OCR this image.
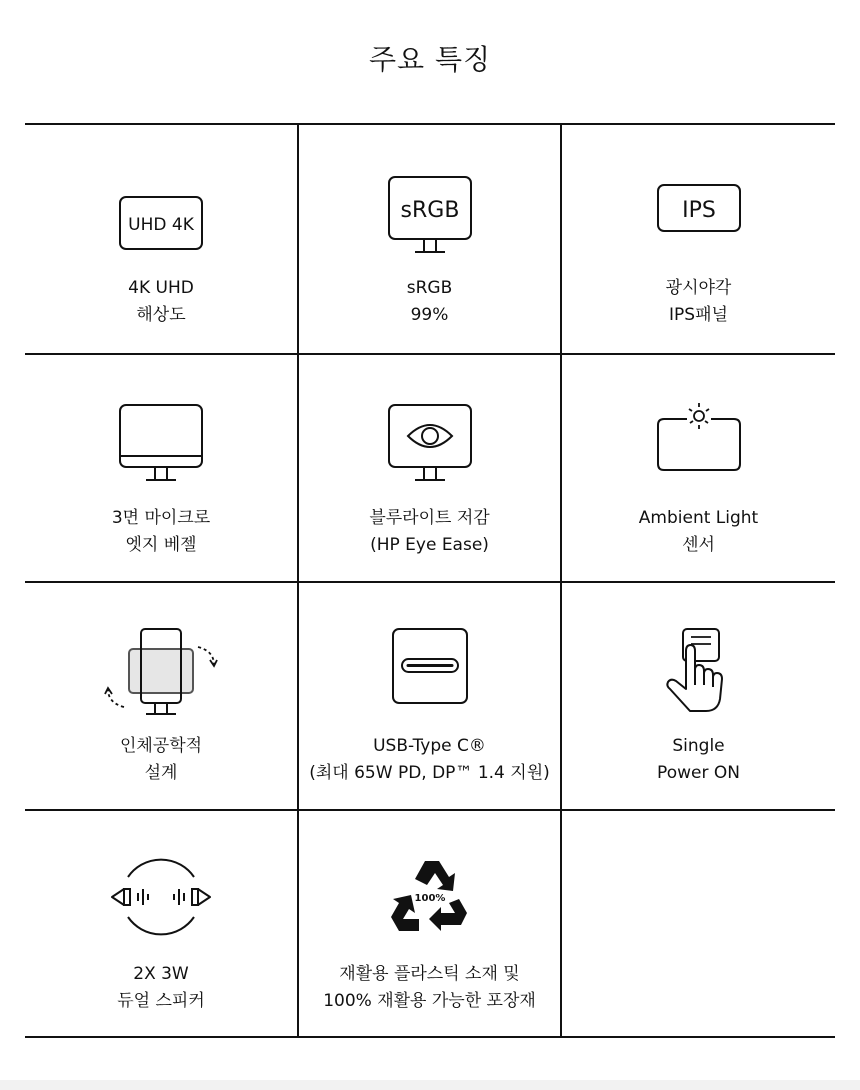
주요 특징
UHD 4K
4K UHD
해상도
sRGB
sRGB
99%
IPS
광시야각
IPS패널
3면 마이크로
엣지 베젤
블루라이트 저감
(HP Eye Ease)
Ambient Light
센서
인체공학적
설계
USB-Type C®
(최대 65W PD, DP™ 1.4 지원)
Single
Power ON
2X 3W
듀얼 스피커
100%
재활용 플라스틱 소재 및
100% 재활용 가능한 포장재
